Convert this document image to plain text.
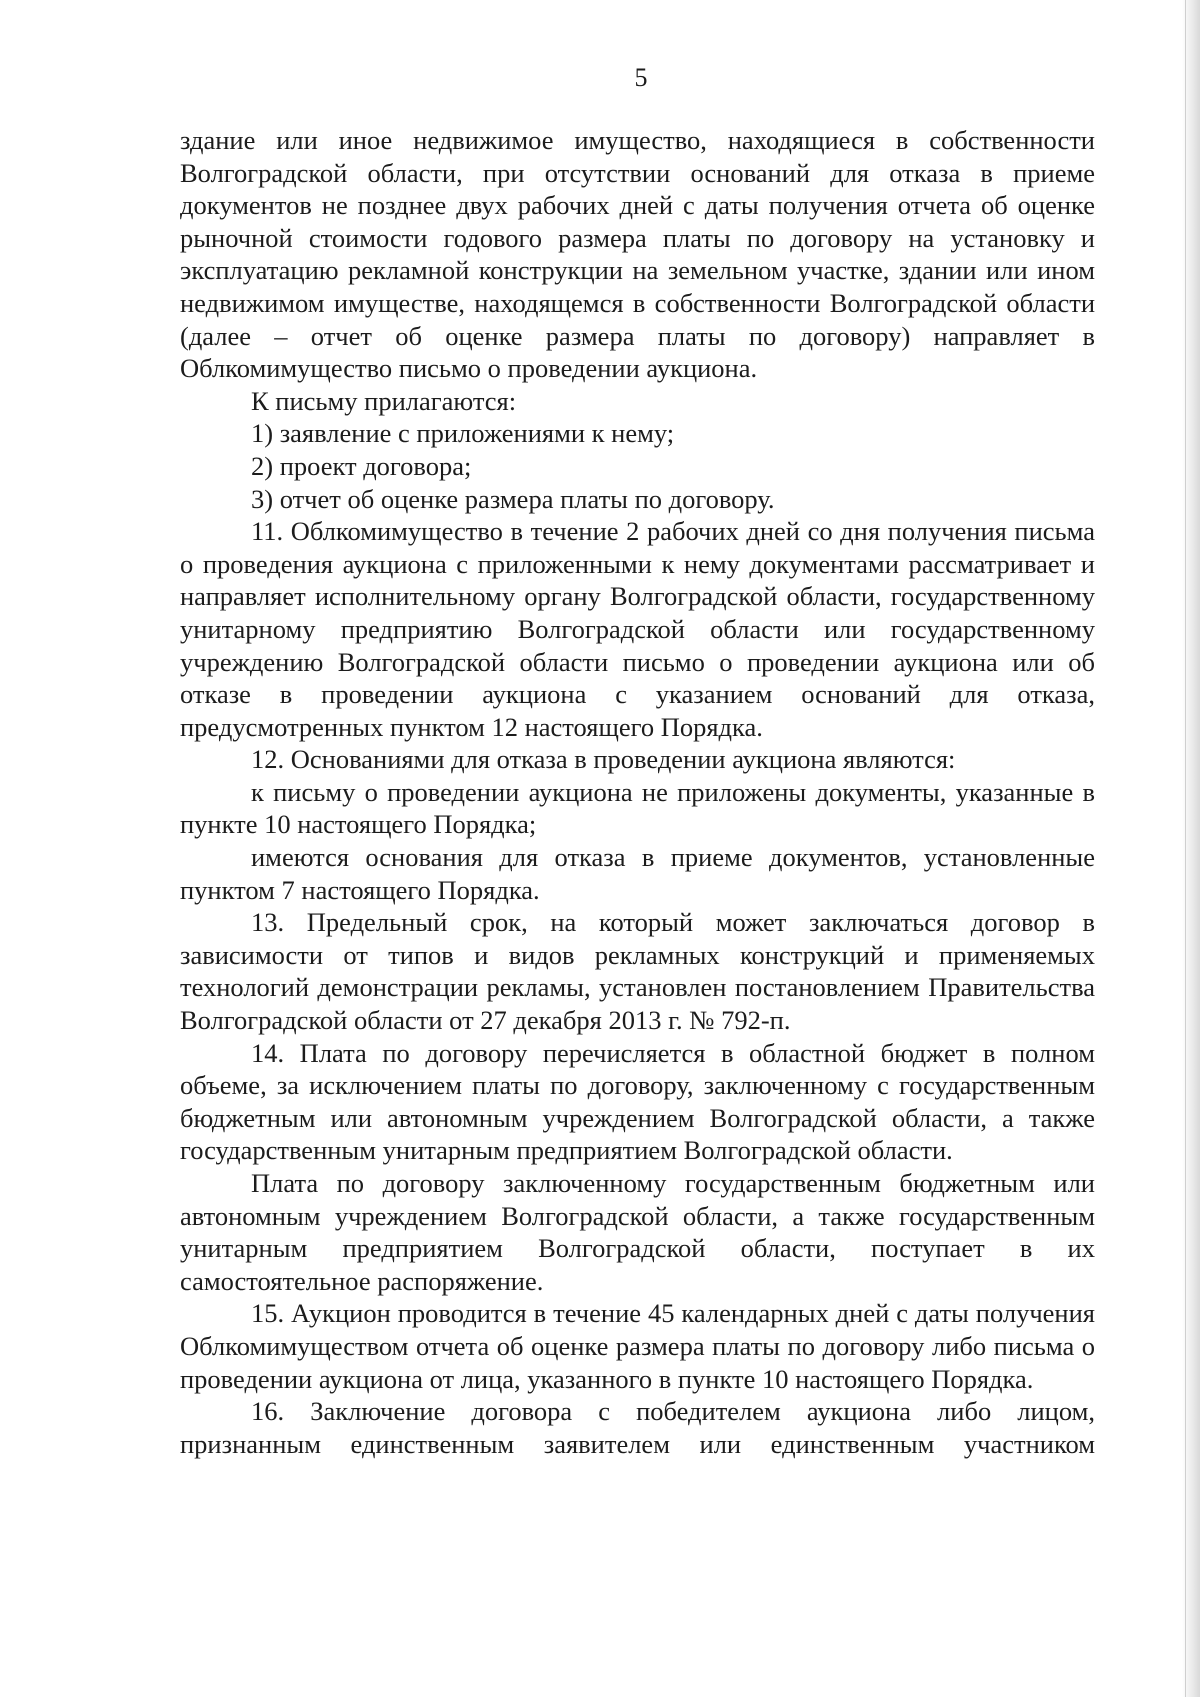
5

здание или иное недвижимое имущество, находящиеся в собственности Волгоградской области, при отсутствии оснований для отказа в приеме документов не позднее двух рабочих дней с даты получения отчета об оценке рыночной стоимости годового размера платы по договору на установку и эксплуатацию рекламной конструкции на земельном участке, здании или ином недвижимом имуществе, находящемся в собственности Волгоградской области (далее – отчет об оценке размера платы по договору) направляет в Облкомимущество письмо о проведении аукциона.

К письму прилагаются:

1) заявление с приложениями к нему;

2) проект договора;

3) отчет об оценке размера платы по договору.

11. Облкомимущество в течение 2 рабочих дней со дня получения письма о проведения аукциона с приложенными к нему документами рассматривает и направляет исполнительному органу Волгоградской области, государственному унитарному предприятию Волгоградской области или государственному учреждению Волгоградской области письмо о проведении аукциона или об отказе в проведении аукциона с указанием оснований для отказа, предусмотренных пунктом 12 настоящего Порядка.

12. Основаниями для отказа в проведении аукциона являются:

к письму о проведении аукциона не приложены документы, указанные в пункте 10 настоящего Порядка;

имеются основания для отказа в приеме документов, установленные пунктом 7 настоящего Порядка.

13. Предельный срок, на который может заключаться договор в зависимости от типов и видов рекламных конструкций и применяемых технологий демонстрации рекламы, установлен постановлением Правительства Волгоградской области от 27 декабря 2013 г. № 792-п.

14. Плата по договору перечисляется в областной бюджет в полном объеме, за исключением платы по договору, заключенному с государственным бюджетным или автономным учреждением Волгоградской области, а также государственным унитарным предприятием Волгоградской области.

Плата по договору заключенному государственным бюджетным или автономным учреждением Волгоградской области, а также государственным унитарным предприятием Волгоградской области, поступает в их самостоятельное распоряжение.

15. Аукцион проводится в течение 45 календарных дней с даты получения Облкомимуществом отчета об оценке размера платы по договору либо письма о проведении аукциона от лица, указанного в пункте 10 настоящего Порядка.

16. Заключение договора с победителем аукциона либо лицом, признанным единственным заявителем или единственным участником
